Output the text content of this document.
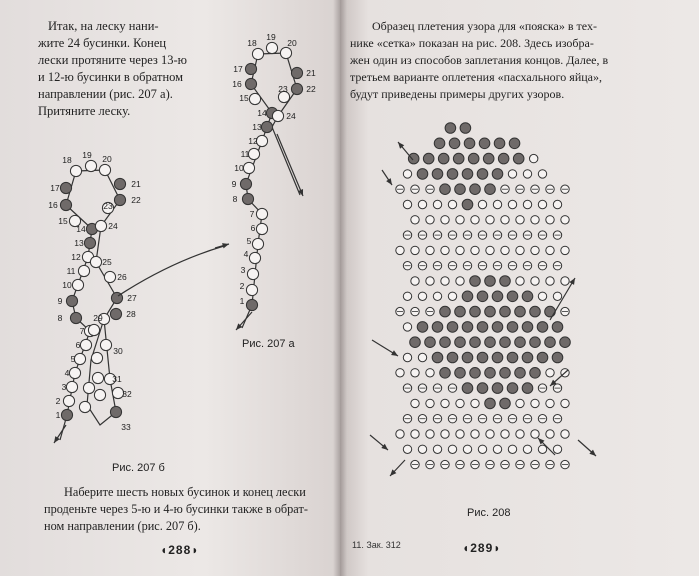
Итак, на леску нани-

жите 24 бусинки. Конец

лески протяните через 13-ю

и 12-ю бусинки в обратном

направлении (рис. 207 а).

Притяните леску.

1
2
3
4
5
6
7
8
9
10
11
12
13
14
15
16
17
18 19 20
21
22
23
24
25
26
27
28
29
30
31
32
33
1
2
3
4
5
6
7
8
9
10
11
12
13
14
15
16
17
18
19
20
21
22
23
24
Рис. 207 б
Рис. 207 а

Наберите шесть новых бусинок и конец лески

проденьте через 5-ю и 4-ю бусинки также в обрат-

ном направлении (рис. 207 б).

◖288◗

Образец плетения узора для «пояска» в тех-

нике «сетка» показан на рис. 208. Здесь изобра-

жен один из способов заплетания концов. Далее, в

третьем варианте оплетения «пасхального яйца»,

будут приведены примеры других узоров.

Рис. 208
11. Зак. 312	◖289◗
